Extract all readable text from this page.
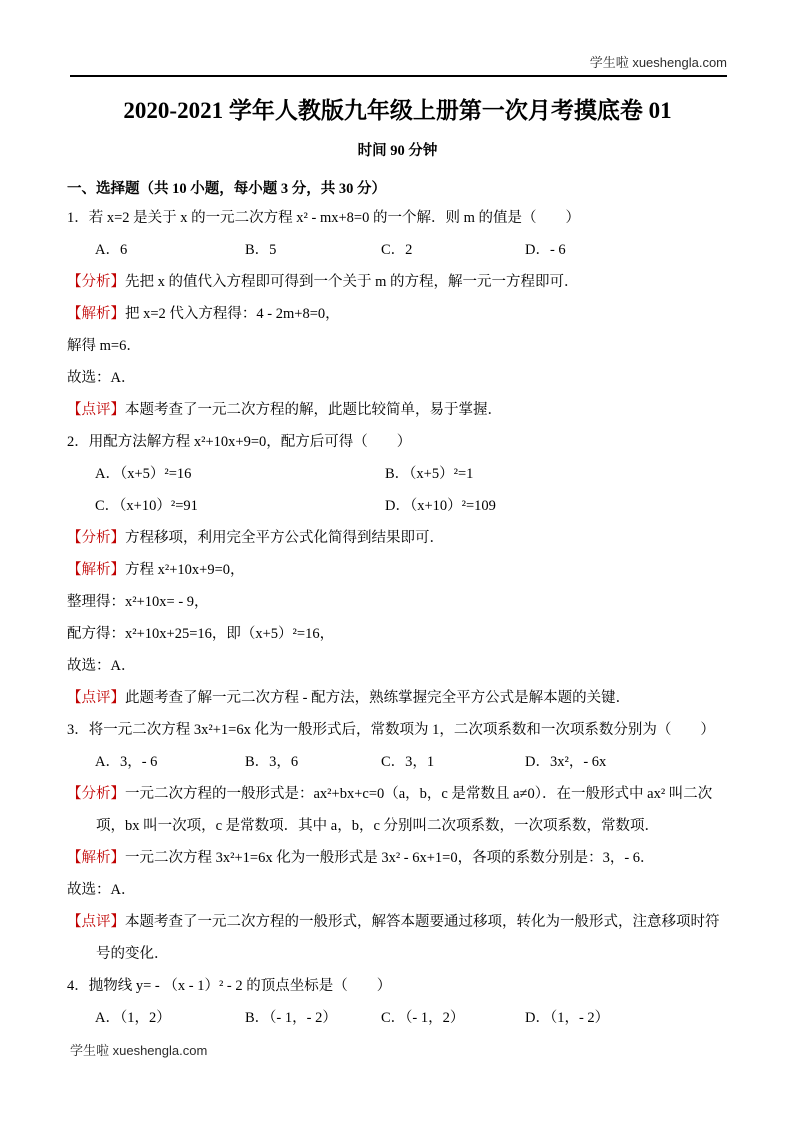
学生啦 xueshengla.com
2020-2021 学年人教版九年级上册第一次月考摸底卷 01
时间 90 分钟
一、选择题（共 10 小题，每小题 3 分，共 30 分）

1．若 x=2 是关于 x 的一元二次方程 x² - mx+8=0 的一个解．则 m 的值是（　　）

A．6	B．5	C．2	D．- 6

【分析】先把 x 的值代入方程即可得到一个关于 m 的方程，解一元一方程即可．

【解析】把 x=2 代入方程得：4 - 2m+8=0，

解得 m=6．

故选：A．

【点评】本题考查了一元二次方程的解，此题比较简单，易于掌握．

2．用配方法解方程 x²+10x+9=0，配方后可得（　　）

A．（x+5）²=16	B．（x+5）²=1
C．（x+10）²=91	D．（x+10）²=109

【分析】方程移项，利用完全平方公式化简得到结果即可．

【解析】方程 x²+10x+9=0，

整理得：x²+10x= - 9，

配方得：x²+10x+25=16，即（x+5）²=16，

故选：A．

【点评】此题考查了解一元二次方程 - 配方法，熟练掌握完全平方公式是解本题的关键．

3．将一元二次方程 3x²+1=6x 化为一般形式后，常数项为 1，二次项系数和一次项系数分别为（　　）

A．3，- 6	B．3，6	C．3，1	D．3x²，- 6x

【分析】一元二次方程的一般形式是：ax²+bx+c=0（a，b，c 是常数且 a≠0）．在一般形式中 ax² 叫二次项，bx 叫一次项，c 是常数项．其中 a，b，c 分别叫二次项系数，一次项系数，常数项．

【解析】一元二次方程 3x²+1=6x 化为一般形式是 3x² - 6x+1=0，各项的系数分别是：3，- 6．

故选：A．

【点评】本题考查了一元二次方程的一般形式，解答本题要通过移项，转化为一般形式，注意移项时符号的变化．

4．抛物线 y= - （x - 1）² - 2 的顶点坐标是（　　）

A．（1，2）	B．（- 1，- 2）	C．（- 1，2）	D．（1，- 2）
学生啦 xueshengla.com
